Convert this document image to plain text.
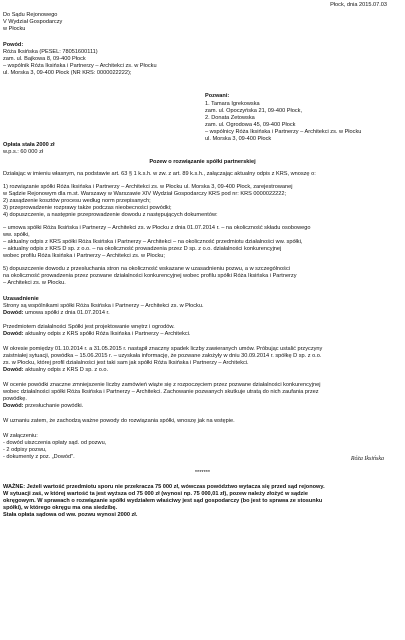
Płock, dnia 2015.07.03
Do Sądu Rejonowego
V Wydział Gospodarczy
w Płocku
Powód:
Róża Iksińska (PESEL: 78051600111)
zam. ul. Bajkowa 8, 09-400 Płock
– wspólnik Róża Iksińska i Partnerzy – Architekci zs. w Płocku
ul. Morska 3, 09-400 Płock (NR KRS: 0000022222);
Pozwani:
1. Tamara Igrekowska
zam. ul. Opoczyńska 21, 09-400 Płock,
2. Donata Zetowska
zam. ul. Ogrodowa 45, 09-400 Płock
– wspólnicy Róża Iksińska i Partnerzy – Architekci zs. w Płocku
ul. Morska 3, 09-400 Płock
Opłata stała 2000 zł
w.p.s.: 60 000 zł
Pozew o rozwiązanie spółki partnerskiej
Działając w imieniu własnym, na podstawie art. 63 § 1 k.s.h. w zw. z art. 89 k.s.h., załączając aktualny odpis z KRS, wnoszę o:
1) rozwiązanie spółki Róża Iksińska i Partnerzy – Architekci zs. w Płocku ul. Morska 3, 09-400 Płock, zarejestrowanej
w Sądzie Rejonowym dla m.st. Warszawy w Warszawie XIV Wydział Gospodarczy KRS pod nr: KRS 0000022222;
2) zasądzenie kosztów procesu według norm przepisanych;
3) przeprowadzenie rozprawy także podczas nieobecności powódki;
4) dopuszczenie, a następnie przeprowadzenie dowodu z następujących dokumentów:
– umowa spółki Róża Iksińska i Partnerzy – Architekci zs. w Płocku z dnia 01.07.2014 r. – na okoliczność składu osobowego
ww. spółki,
– aktualny odpis z KRS spółki Róża Iksińska i Partnerzy – Architekci – na okoliczność przedmiotu działalności ww. spółki,
– aktualny odpis z KRS D sp. z o.o. – na okoliczność prowadzenia przez D sp. z o.o. działalności konkurencyjnej
wobec profilu Róża Iksińska i Partnerzy – Architekci zs. w Płocku;
5) dopuszczenie dowodu z przesłuchania stron na okoliczność wskazane w uzasadnieniu pozwu, a w szczególności
na okoliczność prowadzenia przez pozwane działalności konkurencyjnej wobec profilu spółki Róża Iksińska i Partnerzy
– Architekci zs. w Płocku.
Uzasadnienie
Strony są wspólnikami spółki Róża Iksińska i Partnerzy – Architekci zs. w Płocku.
Dowód: umowa spółki z dnia 01.07.2014 r.
Przedmiotem działalności Spółki jest projektowanie wnętrz i ogrodów.
Dowód: aktualny odpis z KRS spółki Róża Iksińska i Partnerzy – Architekci.
W okresie pomiędzy 01.10.2014 r. a 31.05.2015 r. nastąpił znaczny spadek liczby zawieranych umów. Próbując ustalić przyczyny
zaistniałej sytuacji, powódka – 15.06.2015 r. – uzyskała informację, że pozwane założyły w dniu 30.09.2014 r. spółkę D sp. z o.o.
zs. w Płocku, której profil działalności jest taki sam jak spółki Róża Iksińska i Partnerzy – Architekci.
Dowód: aktualny odpis z KRS D sp. z o.o.
W ocenie powódki znaczne zmniejszenie liczby zamówień wiąże się z rozpoczęciem przez pozwane działalności konkurencyjnej
wobec działalności spółki Róża Iksińska i Partnerzy – Architekci. Zachowanie pozwanych skutkuje utratą do nich zaufania przez
powódkę.
Dowód: przesłuchanie powódki.
W uznaniu zatem, że zachodzą ważne powody do rozwiązania spółki, wnoszę jak na wstępie.
W załączeniu:
- dowód uiszczenia opłaty sąd. od pozwu,
- 2 odpisy pozwu,
- dokumenty z poz. „Dowód".	Róża Iksińska
*******
WAŻNE: Jeżeli wartość przedmiotu sporu nie przekracza 75 000 zł, wówczas powództwo wytacza się przed sąd rejonowy.
W sytuacji zaś, w której wartość ta jest wyższa od 75 000 zł (wynosi np. 75 000,01 zł), pozew należy złożyć w sądzie
okręgowym. W sprawach o rozwiązanie spółki wydziałem właściwy jest sąd gospodarczy (bo jest to sprawa ze stosunku
spółki), w którego okręgu ma ona siedzibę.
Stała opłata sądowa od ww. pozwu wynosi 2000 zł.
